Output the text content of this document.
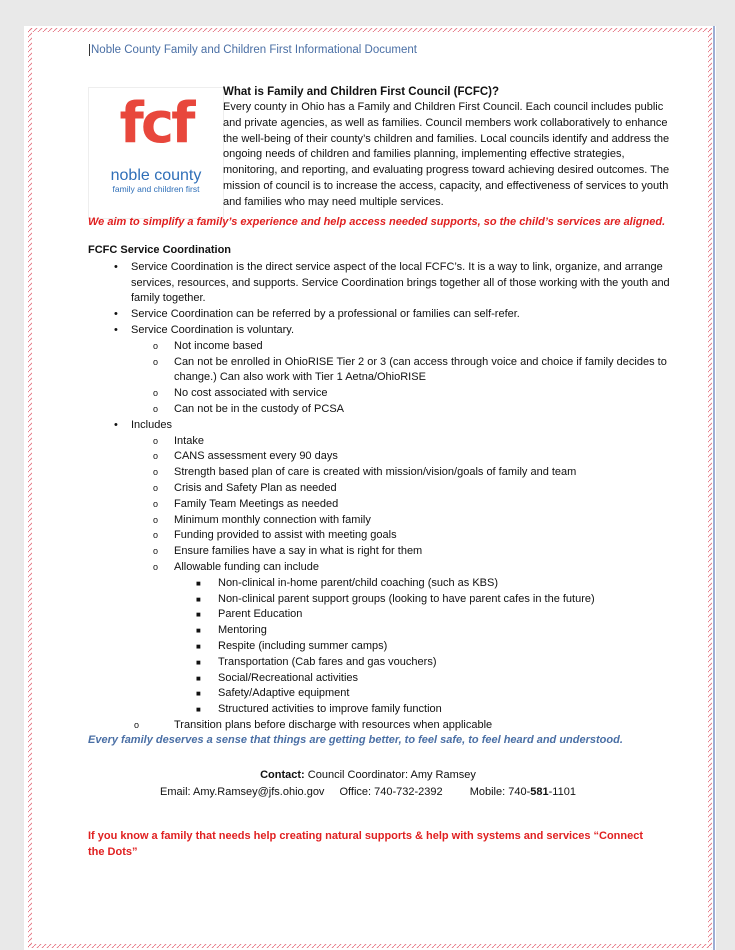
Noble County Family and Children First Informational Document
fcf
noble county
family and children first
What is Family and Children First Council (FCFC)?
Every county in Ohio has a Family and Children First Council. Each council includes public and private agencies, as well as families. Council members work collaboratively to enhance the well-being of their county’s children and families. Local councils identify and address the ongoing needs of children and families planning, implementing effective strategies, monitoring, and reporting, and evaluating progress toward achieving desired outcomes. The mission of council is to increase the access, capacity, and effectiveness of services to youth and families who may need multiple services.
We aim to simplify a family’s experience and help access needed supports, so the child’s services are aligned.
FCFC Service Coordination
• Service Coordination is the direct service aspect of the local FCFC’s. It is a way to link, organize, and arrange services, resources, and supports. Service Coordination brings together all of those working with the youth and family together.
• Service Coordination can be referred by a professional or families can self-refer.
• Service Coordination is voluntary.
o Not income based
o Can not be enrolled in OhioRISE Tier 2 or 3 (can access through voice and choice if family decides to change.) Can also work with Tier 1 Aetna/OhioRISE
o No cost associated with service
o Can not be in the custody of PCSA
• Includes
o Intake
o CANS assessment every 90 days
o Strength based plan of care is created with mission/vision/goals of family and team
o Crisis and Safety Plan as needed
o Family Team Meetings as needed
o Minimum monthly connection with family
o Funding provided to assist with meeting goals
o Ensure families have a say in what is right for them
o Allowable funding can include
■ Non-clinical in-home parent/child coaching (such as KBS)
■ Non-clinical parent support groups (looking to have parent cafes in the future)
■ Parent Education
■ Mentoring
■ Respite (including summer camps)
■ Transportation (Cab fares and gas vouchers)
■ Social/Recreational activities
■ Safety/Adaptive equipment
■ Structured activities to improve family function
o	Transition plans before discharge with resources when applicable
Every family deserves a sense that things are getting better, to feel safe, to feel heard and understood.
Contact: Council Coordinator: Amy Ramsey
Email: Amy.Ramsey@jfs.ohio.gov Office: 740-732-2392 Mobile: 740-581-1101
If you know a family that needs help creating natural supports & help with systems and services “Connect the Dots”
